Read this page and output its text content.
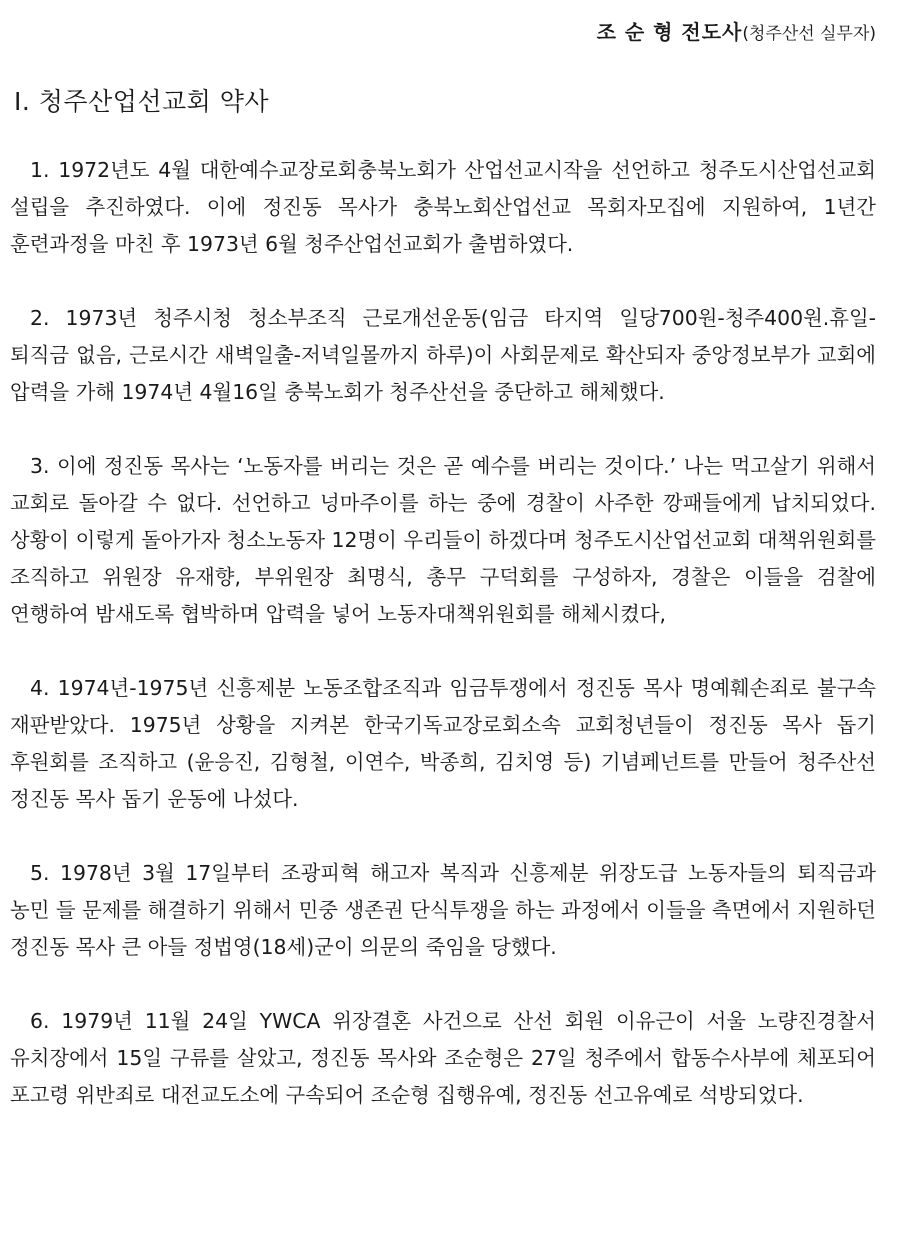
조 순 형 전도사(청주산선 실무자)
Ⅰ. 청주산업선교회 약사

1. 1972년도 4월 대한예수교장로회충북노회가 산업선교시작을 선언하고 청주도시산업선교회 설립을 추진하였다. 이에 정진동 목사가 충북노회산업선교 목회자모집에 지원하여, 1년간 훈련과정을 마친 후 1973년 6월 청주산업선교회가 출범하였다.

2. 1973년 청주시청 청소부조직 근로개선운동(임금 타지역 일당700원-청주400원.휴일-퇴직금 없음, 근로시간 새벽일출-저녁일몰까지 하루)이 사회문제로 확산되자 중앙정보부가 교회에 압력을 가해 1974년 4월16일 충북노회가 청주산선을 중단하고 해체했다.

3. 이에 정진동 목사는 ‘노동자를 버리는 것은 곧 예수를 버리는 것이다.’ 나는 먹고살기 위해서 교회로 돌아갈 수 없다. 선언하고 넝마주이를 하는 중에 경찰이 사주한 깡패들에게 납치되었다. 상황이 이렇게 돌아가자 청소노동자 12명이 우리들이 하겠다며 청주도시산업선교회 대책위원회를 조직하고 위원장 유재향, 부위원장 최명식, 총무 구덕회를 구성하자, 경찰은 이들을 검찰에 연행하여 밤새도록 협박하며 압력을 넣어 노동자대책위원회를 해체시켰다,

4. 1974년-1975년 신흥제분 노동조합조직과 임금투쟁에서 정진동 목사 명예훼손죄로 불구속 재판받았다. 1975년 상황을 지켜본 한국기독교장로회소속 교회청년들이 정진동 목사 돕기 후원회를 조직하고 (윤응진, 김형철, 이연수, 박종희, 김치영 등) 기념페넌트를 만들어 청주산선 정진동 목사 돕기 운동에 나섰다.

5. 1978년 3월 17일부터 조광피혁 해고자 복직과 신흥제분 위장도급 노동자들의 퇴직금과 농민 들 문제를 해결하기 위해서 민중 생존권 단식투쟁을 하는 과정에서 이들을 측면에서 지원하던 정진동 목사 큰 아들 정법영(18세)군이 의문의 죽임을 당했다.

6. 1979년 11월 24일 YWCA 위장결혼 사건으로 산선 회원 이유근이 서울 노량진경찰서 유치장에서 15일 구류를 살았고, 정진동 목사와 조순형은 27일 청주에서 합동수사부에 체포되어 포고령 위반죄로 대전교도소에 구속되어 조순형 집행유예, 정진동 선고유예로 석방되었다.
